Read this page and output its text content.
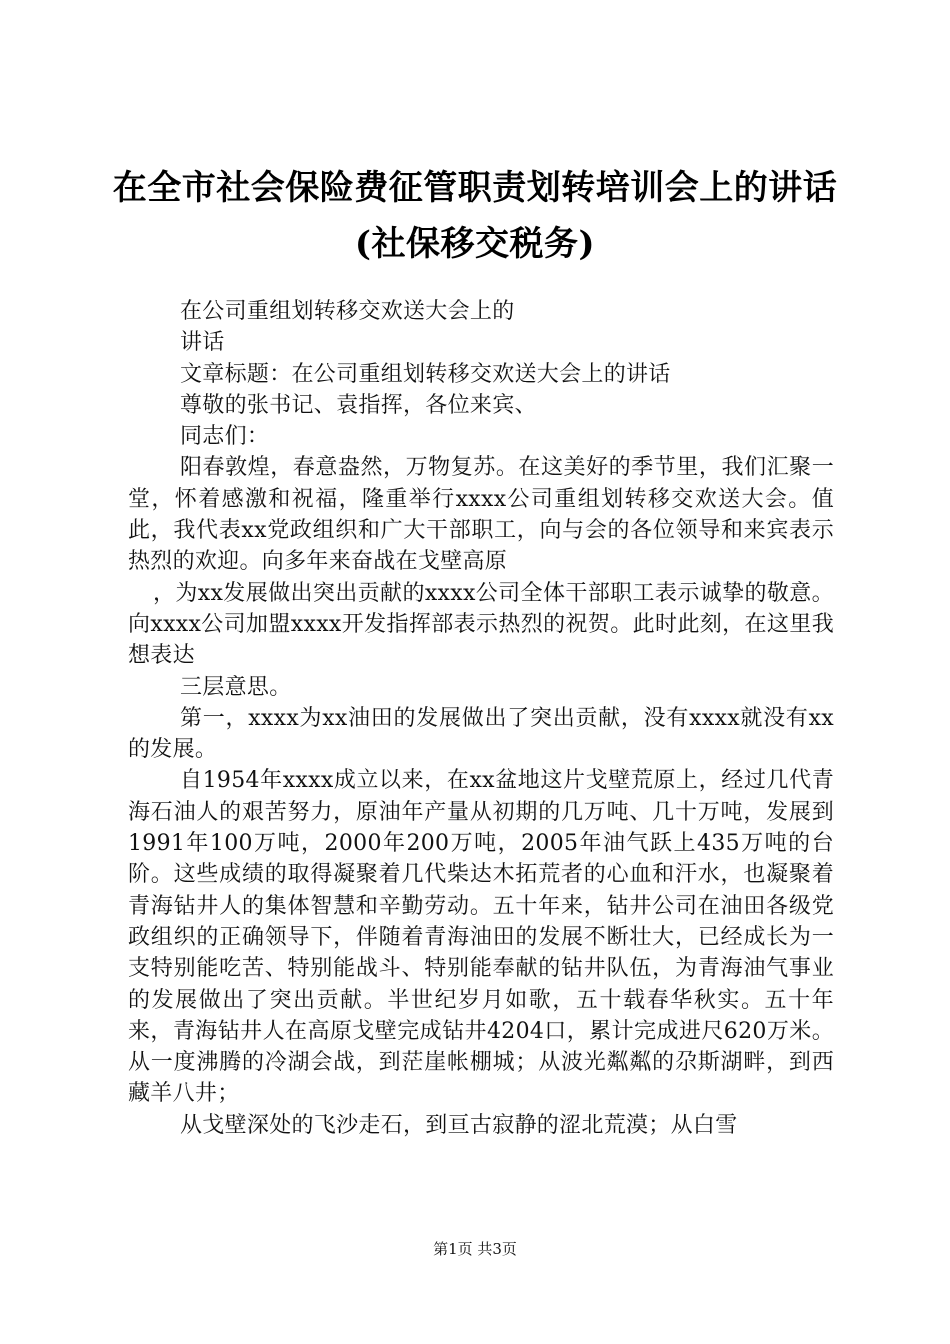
在全市社会保险费征管职责划转培训会上的讲话(社保移交税务)

在公司重组划转移交欢送大会上的

讲话

文章标题：在公司重组划转移交欢送大会上的讲话

尊敬的张书记、袁指挥，各位来宾、

同志们：

阳春敦煌，春意盎然，万物复苏。在这美好的季节里，我们汇聚一堂，怀着感激和祝福，隆重举行xxxx公司重组划转移交欢送大会。值此，我代表xx党政组织和广大干部职工，向与会的各位领导和来宾表示热烈的欢迎。向多年来奋战在戈壁高原

，为xx发展做出突出贡献的xxxx公司全体干部职工表示诚挚的敬意。向xxxx公司加盟xxxx开发指挥部表示热烈的祝贺。此时此刻，在这里我想表达

三层意思。

第一，xxxx为xx油田的发展做出了突出贡献，没有xxxx就没有xx的发展。

自1954年xxxx成立以来，在xx盆地这片戈壁荒原上，经过几代青海石油人的艰苦努力，原油年产量从初期的几万吨、几十万吨，发展到1991年100万吨，2000年200万吨，2005年油气跃上435万吨的台阶。这些成绩的取得凝聚着几代柴达木拓荒者的心血和汗水，也凝聚着青海钻井人的集体智慧和辛勤劳动。五十年来，钻井公司在油田各级党政组织的正确领导下，伴随着青海油田的发展不断壮大，已经成长为一支特别能吃苦、特别能战斗、特别能奉献的钻井队伍，为青海油气事业的发展做出了突出贡献。半世纪岁月如歌，五十载春华秋实。五十年来，青海钻井人在高原戈壁完成钻井4204口，累计完成进尺620万米。从一度沸腾的冷湖会战，到茫崖帐棚城；从波光粼粼的尕斯湖畔，到西藏羊八井；

从戈壁深处的飞沙走石，到亘古寂静的涩北荒漠；从白雪

第1页 共3页
